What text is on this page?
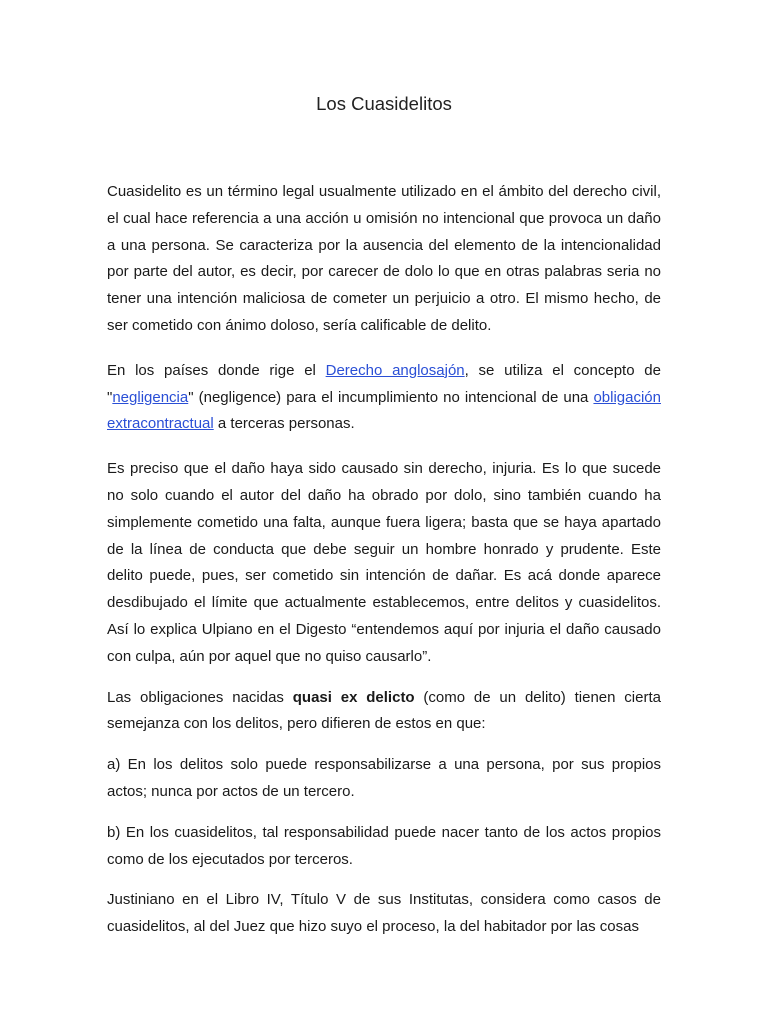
Los Cuasidelitos

Cuasidelito es un término legal usualmente utilizado en el ámbito del derecho civil, el cual hace referencia a una acción u omisión no intencional que provoca un daño a una persona. Se caracteriza por la ausencia del elemento de la intencionalidad por parte del autor, es decir, por carecer de dolo lo que en otras palabras seria no tener una intención maliciosa de cometer un perjuicio a otro. El mismo hecho, de ser cometido con ánimo doloso, sería calificable de delito.

En los países donde rige el Derecho anglosajón, se utiliza el concepto de "negligencia" (negligence) para el incumplimiento no intencional de una obligación extracontractual a terceras personas.

Es preciso que el daño haya sido causado sin derecho, injuria. Es lo que sucede no solo cuando el autor del daño ha obrado por dolo, sino también cuando ha simplemente cometido una falta, aunque fuera ligera; basta que se haya apartado de la línea de conducta que debe seguir un hombre honrado y prudente. Este delito puede, pues, ser cometido sin intención de dañar. Es acá donde aparece desdibujado el límite que actualmente establecemos, entre delitos y cuasidelitos. Así lo explica Ulpiano en el Digesto “entendemos aquí por injuria el daño causado con culpa, aún por aquel que no quiso causarlo”.

Las obligaciones nacidas quasi ex delicto (como de un delito) tienen cierta semejanza con los delitos, pero difieren de estos en que:

a) En los delitos solo puede responsabilizarse a una persona, por sus propios actos; nunca por actos de un tercero.

b) En los cuasidelitos, tal responsabilidad puede nacer tanto de los actos propios como de los ejecutados por terceros.

Justiniano en el Libro IV, Título V de sus Institutas, considera como casos de cuasidelitos, al del Juez que hizo suyo el proceso, la del habitador por las cosas
